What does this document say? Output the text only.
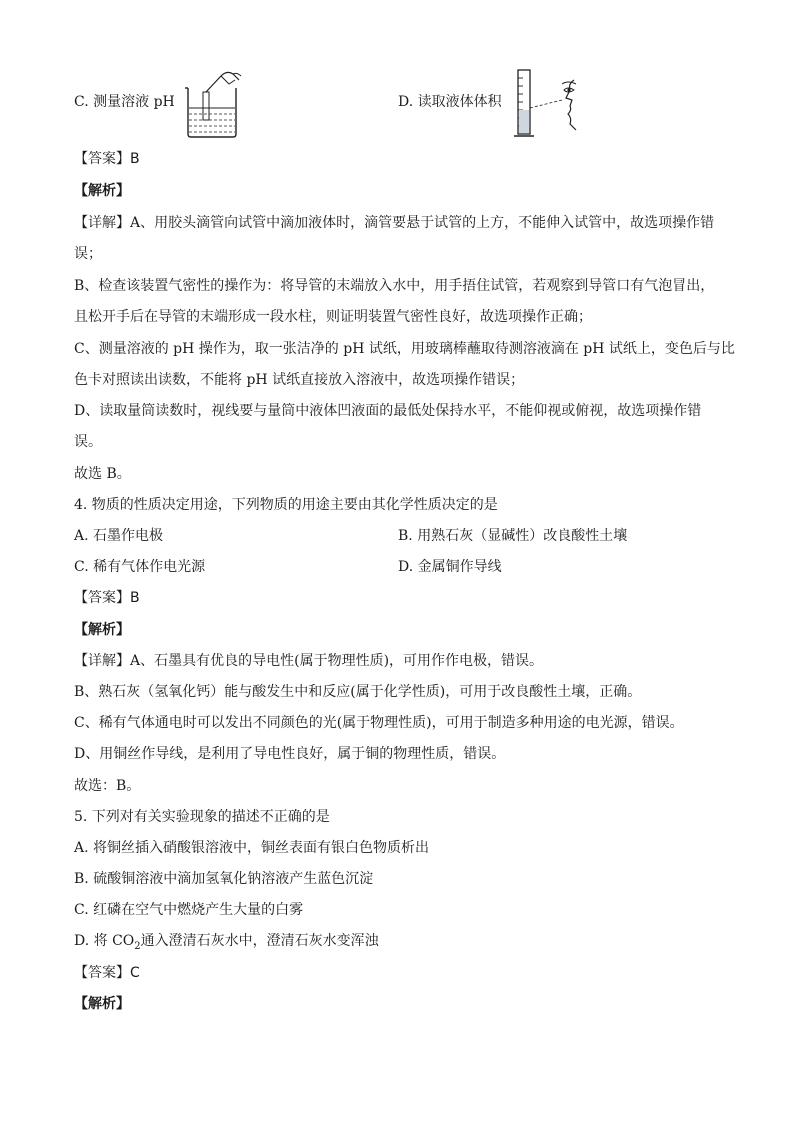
C. 测量溶液 pH	D. 读取液体体积
【答案】B
【解析】
【详解】A、用胶头滴管向试管中滴加液体时，滴管要悬于试管的上方，不能伸入试管中，故选项操作错
误；
B、检查该装置气密性的操作为：将导管的末端放入水中，用手捂住试管，若观察到导管口有气泡冒出，
且松开手后在导管的末端形成一段水柱，则证明装置气密性良好，故选项操作正确；
C、测量溶液的 pH 操作为，取一张洁净的 pH 试纸，用玻璃棒蘸取待测溶液滴在 pH 试纸上，变色后与比
色卡对照读出读数，不能将 pH 试纸直接放入溶液中，故选项操作错误；
D、读取量筒读数时，视线要与量筒中液体凹液面的最低处保持水平，不能仰视或俯视，故选项操作错
误。
故选 B。
4. 物质的性质决定用途，下列物质的用途主要由其化学性质决定的是
A. 石墨作电极	B. 用熟石灰（显碱性）改良酸性土壤
C. 稀有气体作电光源	D. 金属铜作导线
【答案】B
【解析】
【详解】A、石墨具有优良的导电性(属于物理性质)，可用作作电极，错误。
B、熟石灰（氢氧化钙）能与酸发生中和反应(属于化学性质)，可用于改良酸性土壤，正确。
C、稀有气体通电时可以发出不同颜色的光(属于物理性质)，可用于制造多种用途的电光源，错误。
D、用铜丝作导线，是利用了导电性良好，属于铜的物理性质，错误。
故选：B。
5. 下列对有关实验现象的描述不正确的是
A. 将铜丝插入硝酸银溶液中，铜丝表面有银白色物质析出
B. 硫酸铜溶液中滴加氢氧化钠溶液产生蓝色沉淀
C. 红磷在空气中燃烧产生大量的白雾
D. 将 $CO_2$通入澄清石灰水中，澄清石灰水变浑浊
【答案】C
【解析】
